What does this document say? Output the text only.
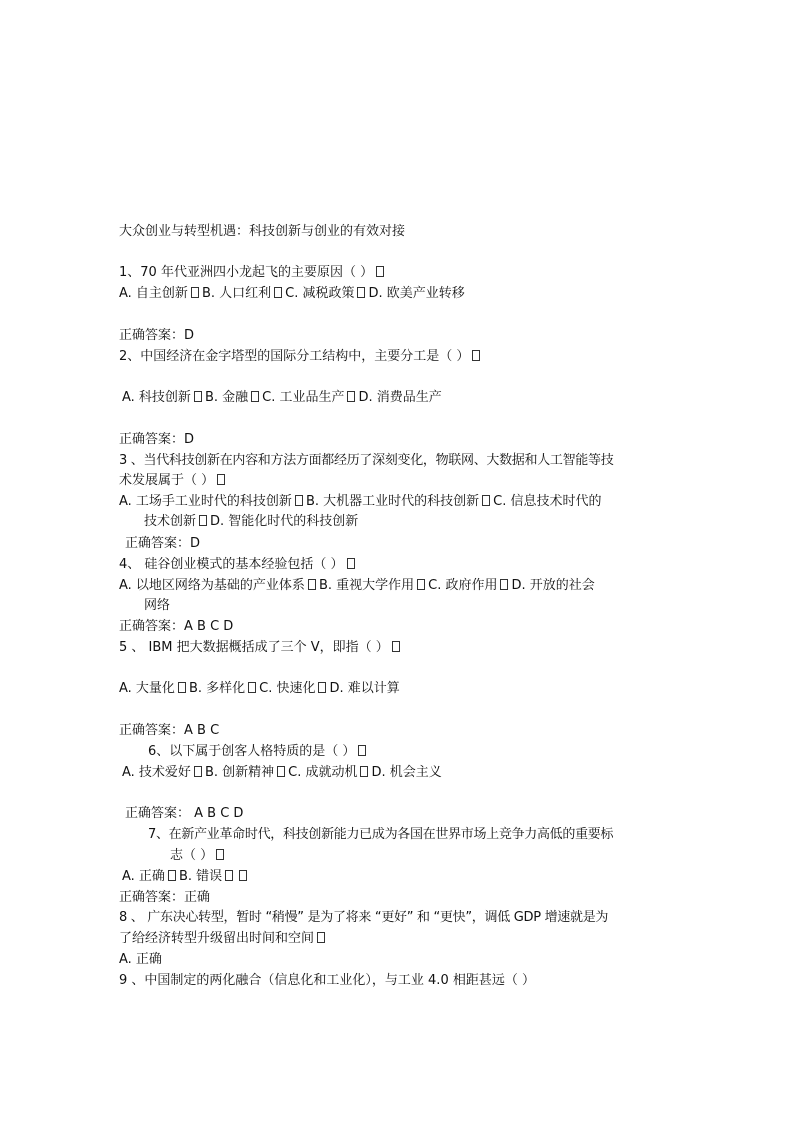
大众创业与转型机遇：科技创新与创业的有效对接
1、70 年代亚洲四小龙起飞的主要原因（ ）
A. 自主创新 B. 人口红利 C. 减税政策 D. 欧美产业转移
正确答案：D
2、中国经济在金字塔型的国际分工结构中，主要分工是（ ）
A. 科技创新 B. 金融 C. 工业品生产 D. 消费品生产
正确答案：D
3 、当代科技创新在内容和方法方面都经历了深刻变化，物联网、大数据和人工智能等技
术发展属于（ ）
A. 工场手工业时代的科技创新 B. 大机器工业时代的科技创新 C. 信息技术时代的
技术创新 D. 智能化时代的科技创新
正确答案：D
4、 硅谷创业模式的基本经验包括（ ）
A. 以地区网络为基础的产业体系 B. 重视大学作用 C. 政府作用 D. 开放的社会
网络
正确答案：A B C D
5 、 IBM 把大数据概括成了三个 V，即指（ ）
A. 大量化 B. 多样化 C. 快速化 D. 难以计算
正确答案：A B C
6、以下属于创客人格特质的是（ ）
A. 技术爱好 B. 创新精神 C. 成就动机 D. 机会主义
正确答案： A B C D
7、在新产业革命时代，科技创新能力已成为各国在世界市场上竞争力高低的重要标
志（ ）
A. 正确 B. 错误
正确答案：正确
8 、 广东决心转型，暂时 “稍慢” 是为了将来 “更好” 和 “更快”，调低 GDP 增速就是为
了给经济转型升级留出时间和空间
A. 正确
9 、中国制定的两化融合（信息化和工业化），与工业 4.0 相距甚远（ ）
